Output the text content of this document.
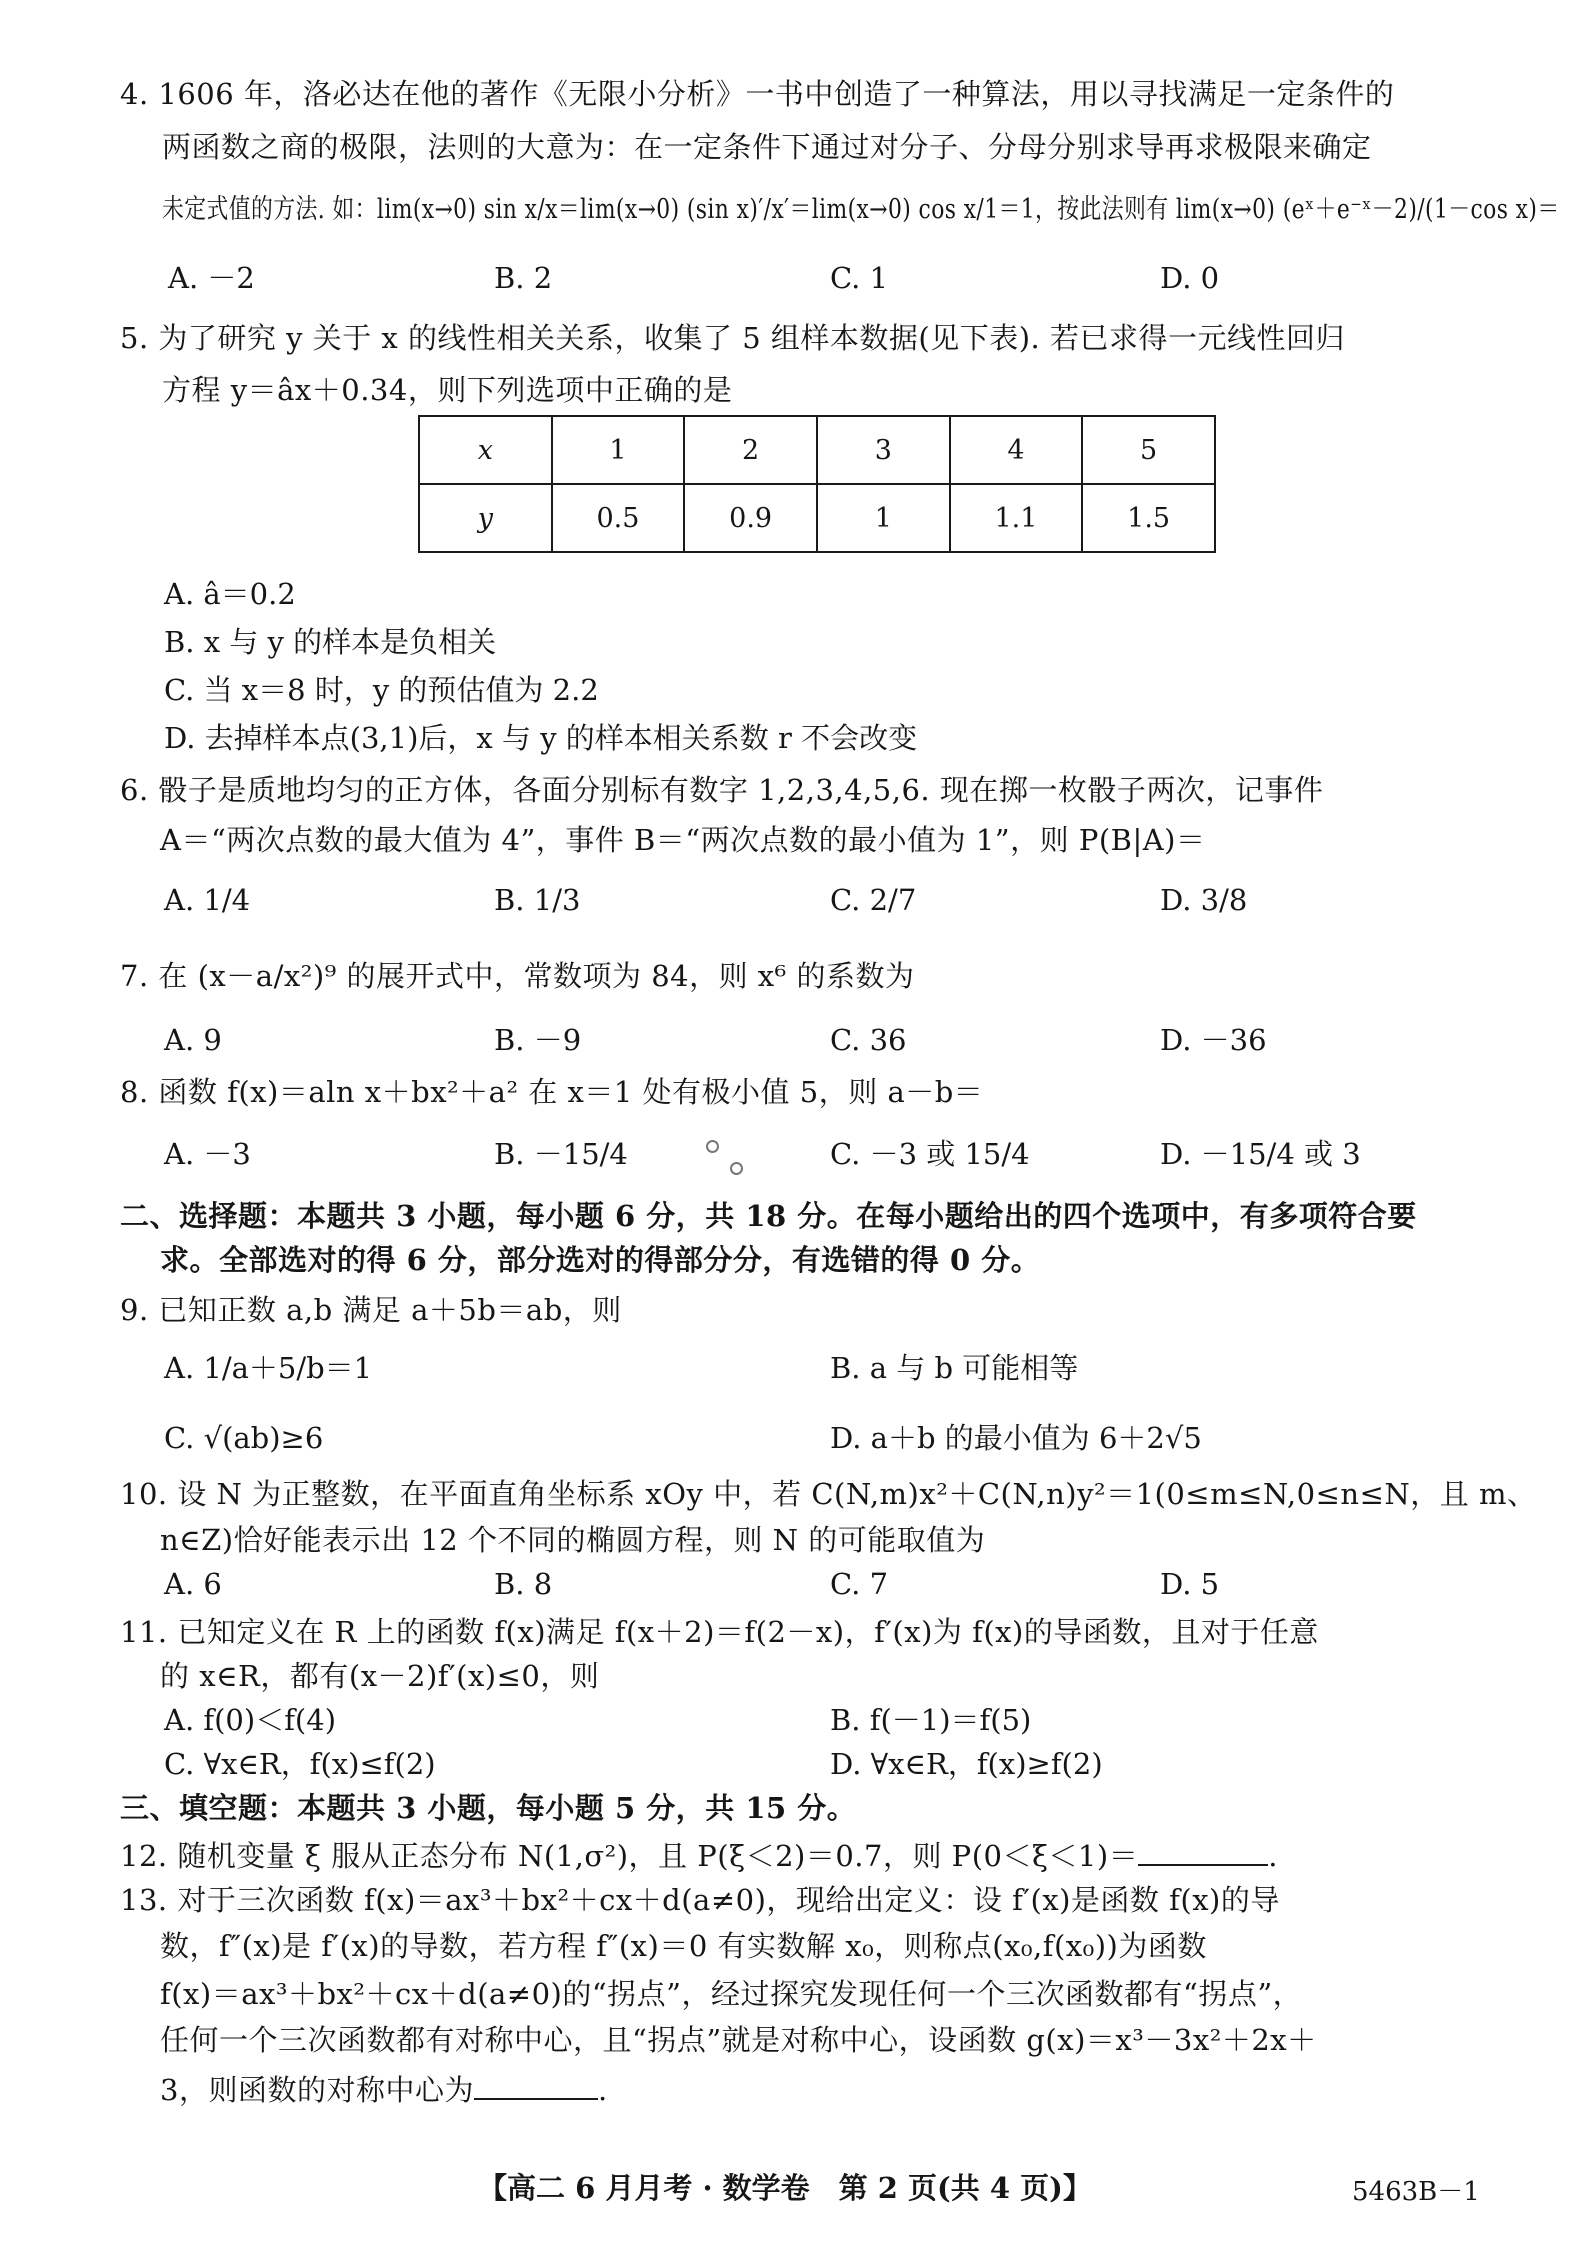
4. 1606 年，洛必达在他的著作《无限小分析》一书中创造了一种算法，用以寻找满足一定条件的
两函数之商的极限，法则的大意为：在一定条件下通过对分子、分母分别求导再求极限来确定
未定式值的方法. 如：lim(x→0) sin x/x＝lim(x→0) (sin x)′/x′＝lim(x→0) cos x/1＝1，按此法则有 lim(x→0) (eˣ＋e⁻ˣ－2)/(1－cos x)＝
A. －2	B. 2	C. 1	D. 0
5. 为了研究 y 关于 x 的线性相关关系，收集了 5 组样本数据(见下表). 若已求得一元线性回归
方程 y＝âx＋0.34，则下列选项中正确的是
x	1	2	3	4	5
y	0.5	0.9	1	1.1	1.5
A. â＝0.2
B. x 与 y 的样本是负相关
C. 当 x＝8 时，y 的预估值为 2.2
D. 去掉样本点(3,1)后，x 与 y 的样本相关系数 r 不会改变
6. 骰子是质地均匀的正方体，各面分别标有数字 1,2,3,4,5,6. 现在掷一枚骰子两次，记事件
A＝“两次点数的最大值为 4”，事件 B＝“两次点数的最小值为 1”，则 P(B|A)＝
A. 1/4	B. 1/3	C. 2/7	D. 3/8
7. 在 (x－a/x²)⁹ 的展开式中，常数项为 84，则 x⁶ 的系数为
A. 9	B. －9	C. 36	D. －36
8. 函数 f(x)＝aln x＋bx²＋a² 在 x＝1 处有极小值 5，则 a－b＝
A. －3	B. －15/4	C. －3 或 15/4	D. －15/4 或 3
二、选择题：本题共 3 小题，每小题 6 分，共 18 分。在每小题给出的四个选项中，有多项符合要
求。全部选对的得 6 分，部分选对的得部分分，有选错的得 0 分。
9. 已知正数 a,b 满足 a＋5b＝ab，则
A. 1/a＋5/b＝1	B. a 与 b 可能相等
C. √(ab)≥6	D. a＋b 的最小值为 6＋2√5
10. 设 N 为正整数，在平面直角坐标系 xOy 中，若 C(N,m)x²＋C(N,n)y²＝1(0≤m≤N,0≤n≤N，且 m、
n∈Z)恰好能表示出 12 个不同的椭圆方程，则 N 的可能取值为
A. 6	B. 8	C. 7	D. 5
11. 已知定义在 R 上的函数 f(x)满足 f(x＋2)＝f(2－x)，f′(x)为 f(x)的导函数，且对于任意
的 x∈R，都有(x－2)f′(x)≤0，则
A. f(0)＜f(4)	B. f(－1)＝f(5)
C. ∀x∈R，f(x)≤f(2)	D. ∀x∈R，f(x)≥f(2)
三、填空题：本题共 3 小题，每小题 5 分，共 15 分。
12. 随机变量 ξ 服从正态分布 N(1,σ²)，且 P(ξ＜2)＝0.7，则 P(0＜ξ＜1)＝	.
13. 对于三次函数 f(x)＝ax³＋bx²＋cx＋d(a≠0)，现给出定义：设 f′(x)是函数 f(x)的导
数，f″(x)是 f′(x)的导数，若方程 f″(x)＝0 有实数解 x₀，则称点(x₀,f(x₀))为函数
f(x)＝ax³＋bx²＋cx＋d(a≠0)的“拐点”，经过探究发现任何一个三次函数都有“拐点”，
任何一个三次函数都有对称中心，且“拐点”就是对称中心，设函数 g(x)＝x³－3x²＋2x＋
3，则函数的对称中心为	.
【高二 6 月月考 · 数学卷　第 2 页(共 4 页)】	5463B－1
